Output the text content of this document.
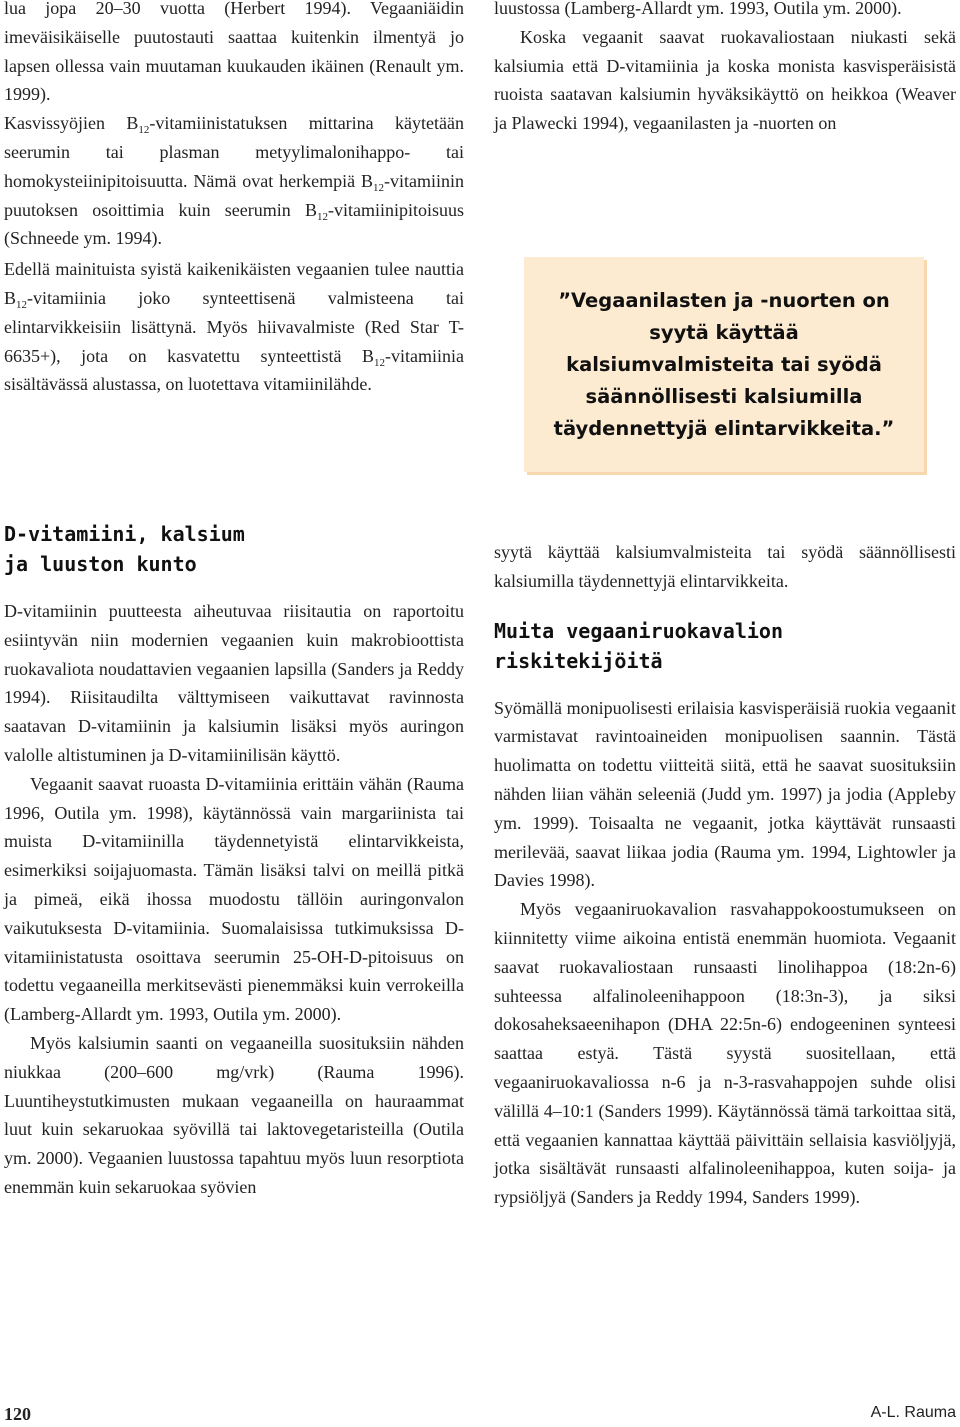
lua jopa 20–30 vuotta (Herbert 1994). Vegaaniäidin imeväisikäiselle puutostauti saattaa kuitenkin ilmentyä jo lapsen ollessa vain muutaman kuukauden ikäinen (Renault ym. 1999).

Kasvissyöjien $B_{12}$-vitamiinistatuksen mittarina käytetään seerumin tai plasman metyylimalonihappo- tai homokysteiinipitoisuutta. Nämä ovat herkempiä $B_{12}$-vitamiinin puutoksen osoittimia kuin seerumin $B_{12}$-vitamiinipitoisuus (Schneede ym. 1994).

Edellä mainituista syistä kaikenikäisten vegaanien tulee nauttia $B_{12}$-vitamiinia joko synteettisenä valmisteena tai elintarvikkeisiin lisättynä. Myös hiivavalmiste (Red Star T-6635+), jota on kasvatettu synteettistä $B_{12}$-vitamiinia sisältävässä alustassa, on luotettava vitamiinilähde.

luustossa (Lamberg-Allardt ym. 1993, Outila ym. 2000).

Koska vegaanit saavat ruokavaliostaan niukasti sekä kalsiumia että D-vitamiinia ja koska monista kasvisperäisistä ruoista saatavan kalsiumin hyväksikäyttö on heikkoa (Weaver ja Plawecki 1994), vegaanilasten ja -nuorten on

”Vegaanilasten ja -nuorten on syytä käyttää kalsiumvalmisteita tai syödä säännöllisesti kalsiumilla täydennettyjä elintarvikkeita.”
D-vitamiini, kalsium ja luuston kunto

D-vitamiinin puutteesta aiheutuvaa riisitautia on raportoitu esiintyvän niin modernien vegaanien kuin makrobioottista ruokavaliota noudattavien vegaanien lapsilla (Sanders ja Reddy 1994). Riisitaudilta välttymiseen vaikuttavat ravinnosta saatavan D-vitamiinin ja kalsiumin lisäksi myös auringon valolle altistuminen ja D-vitamiinilisän käyttö.

Vegaanit saavat ruoasta D-vitamiinia erittäin vähän (Rauma 1996, Outila ym. 1998), käytännössä vain margariinista tai muista D-vitamiinilla täydennetyistä elintarvikkeista, esimerkiksi soijajuomasta. Tämän lisäksi talvi on meillä pitkä ja pimeä, eikä ihossa muodostu tällöin auringonvalon vaikutuksesta D-vitamiinia. Suomalaisissa tutkimuksissa D-vitamiinistatusta osoittava seerumin 25-OH-D-pitoisuus on todettu vegaaneilla merkitsevästi pienemmäksi kuin verrokeilla (Lamberg-Allardt ym. 1993, Outila ym. 2000).

Myös kalsiumin saanti on vegaaneilla suosituksiin nähden niukkaa (200–600 mg/vrk) (Rauma 1996). Luuntiheystutkimusten mukaan vegaaneilla on hauraammat luut kuin sekaruokaa syövillä tai laktovegetaristeilla (Outila ym. 2000). Vegaanien luustossa tapahtuu myös luun resorptiota enemmän kuin sekaruokaa syövien

syytä käyttää kalsiumvalmisteita tai syödä säännöllisesti kalsiumilla täydennettyjä elintarvikkeita.

Muita vegaaniruokavalion riskitekijöitä

Syömällä monipuolisesti erilaisia kasvisperäisiä ruokia vegaanit varmistavat ravintoaineiden monipuolisen saannin. Tästä huolimatta on todettu viitteitä siitä, että he saavat suosituksiin nähden liian vähän seleeniä (Judd ym. 1997) ja jodia (Appleby ym. 1999). Toisaalta ne vegaanit, jotka käyttävät runsaasti merilevää, saavat liikaa jodia (Rauma ym. 1994, Lightowler ja Davies 1998).

Myös vegaaniruokavalion rasvahappokoostumukseen on kiinnitetty viime aikoina entistä enemmän huomiota. Vegaanit saavat ruokavaliostaan runsaasti linolihappoa (18:2n-6) suhteessa alfalinoleenihappoon (18:3n-3), ja siksi dokosaheksaeenihapon (DHA 22:5n-6) endogeeninen synteesi saattaa estyä. Tästä syystä suositellaan, että vegaaniruokavaliossa n-6 ja n-3-rasvahappojen suhde olisi välillä 4–10:1 (Sanders 1999). Käytännössä tämä tarkoittaa sitä, että vegaanien kannattaa käyttää päivittäin sellaisia kasviöljyjä, jotka sisältävät runsaasti alfalinoleenihappoa, kuten soija- ja rypsiöljyä (Sanders ja Reddy 1994, Sanders 1999).

120	A-L. Rauma
